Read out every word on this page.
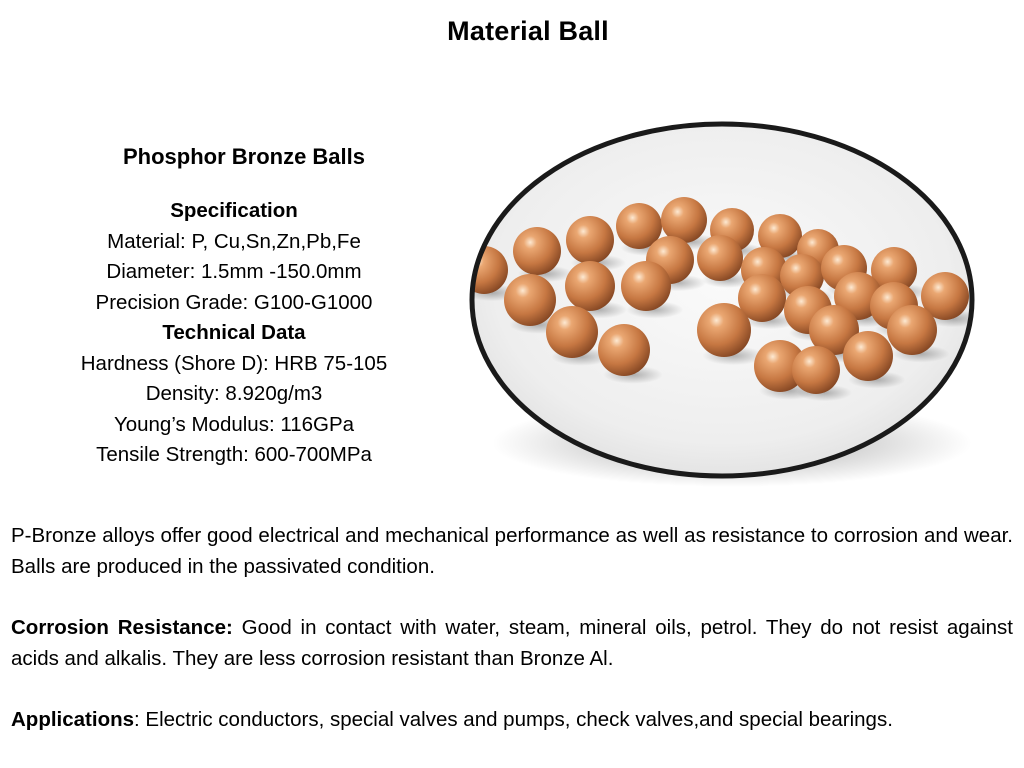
Material Ball
Phosphor Bronze Balls
Specification
Material: P, Cu,Sn,Zn,Pb,Fe
Diameter: 1.5mm -150.0mm
Precision Grade: G100-G1000
Technical Data
Hardness (Shore D): HRB 75-105
Density: 8.920g/m3
Young’s Modulus: 116GPa
Tensile Strength: 600-700MPa
P-Bronze alloys offer good electrical and mechanical performance as well as resistance to corrosion and wear. Balls are produced in the passivated condition.
Corrosion Resistance: Good in contact with water, steam, mineral oils, petrol. They do not resist against acids and alkalis. They are less corrosion resistant than Bronze Al.
Applications: Electric conductors, special valves and pumps, check valves,and special bearings.
